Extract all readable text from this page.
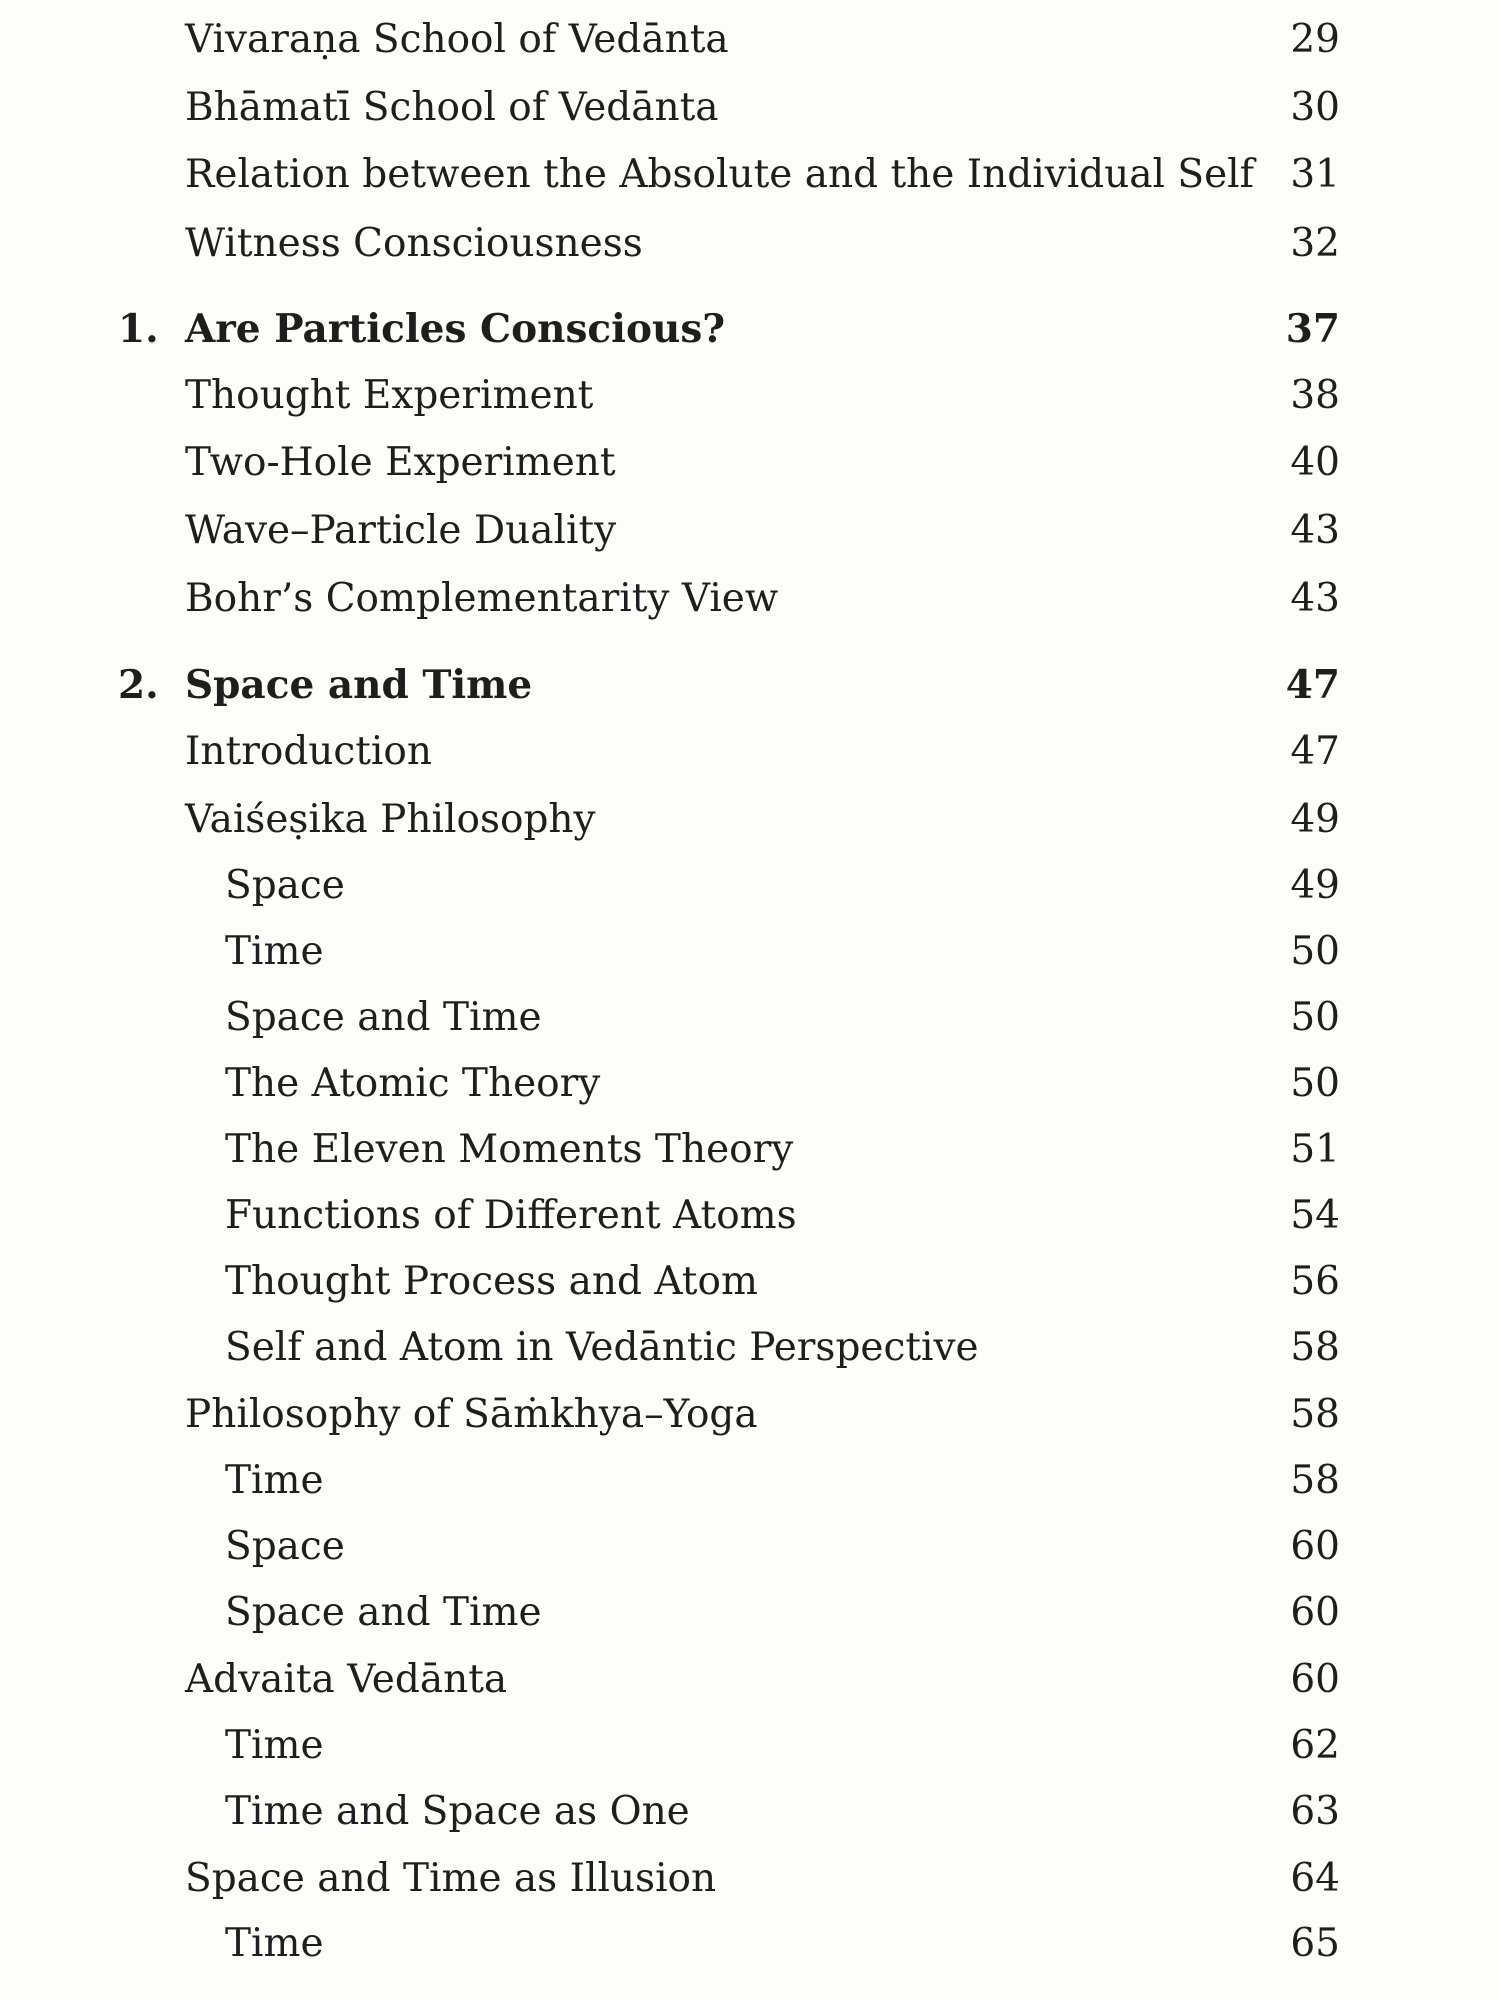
Vivaraṇa School of Vedānta	29
Bhāmatī School of Vedānta	30
Relation between the Absolute and the Individual Self 31
Witness Consciousness	32
1. Are Particles Conscious?	37
Thought Experiment	38
Two-Hole Experiment	40
Wave–Particle Duality	43
Bohr’s Complementarity View	43
2. Space and Time	47
Introduction	47
Vaiśeṣika Philosophy	49
Space	49
Time	50
Space and Time	50
The Atomic Theory	50
The Eleven Moments Theory	51
Functions of Different Atoms	54
Thought Process and Atom	56
Self and Atom in Vedāntic Perspective	58
Philosophy of Sāṁkhya–Yoga	58
Time	58
Space	60
Space and Time	60
Advaita Vedānta	60
Time	62
Time and Space as One	63
Space and Time as Illusion	64
Time	65
